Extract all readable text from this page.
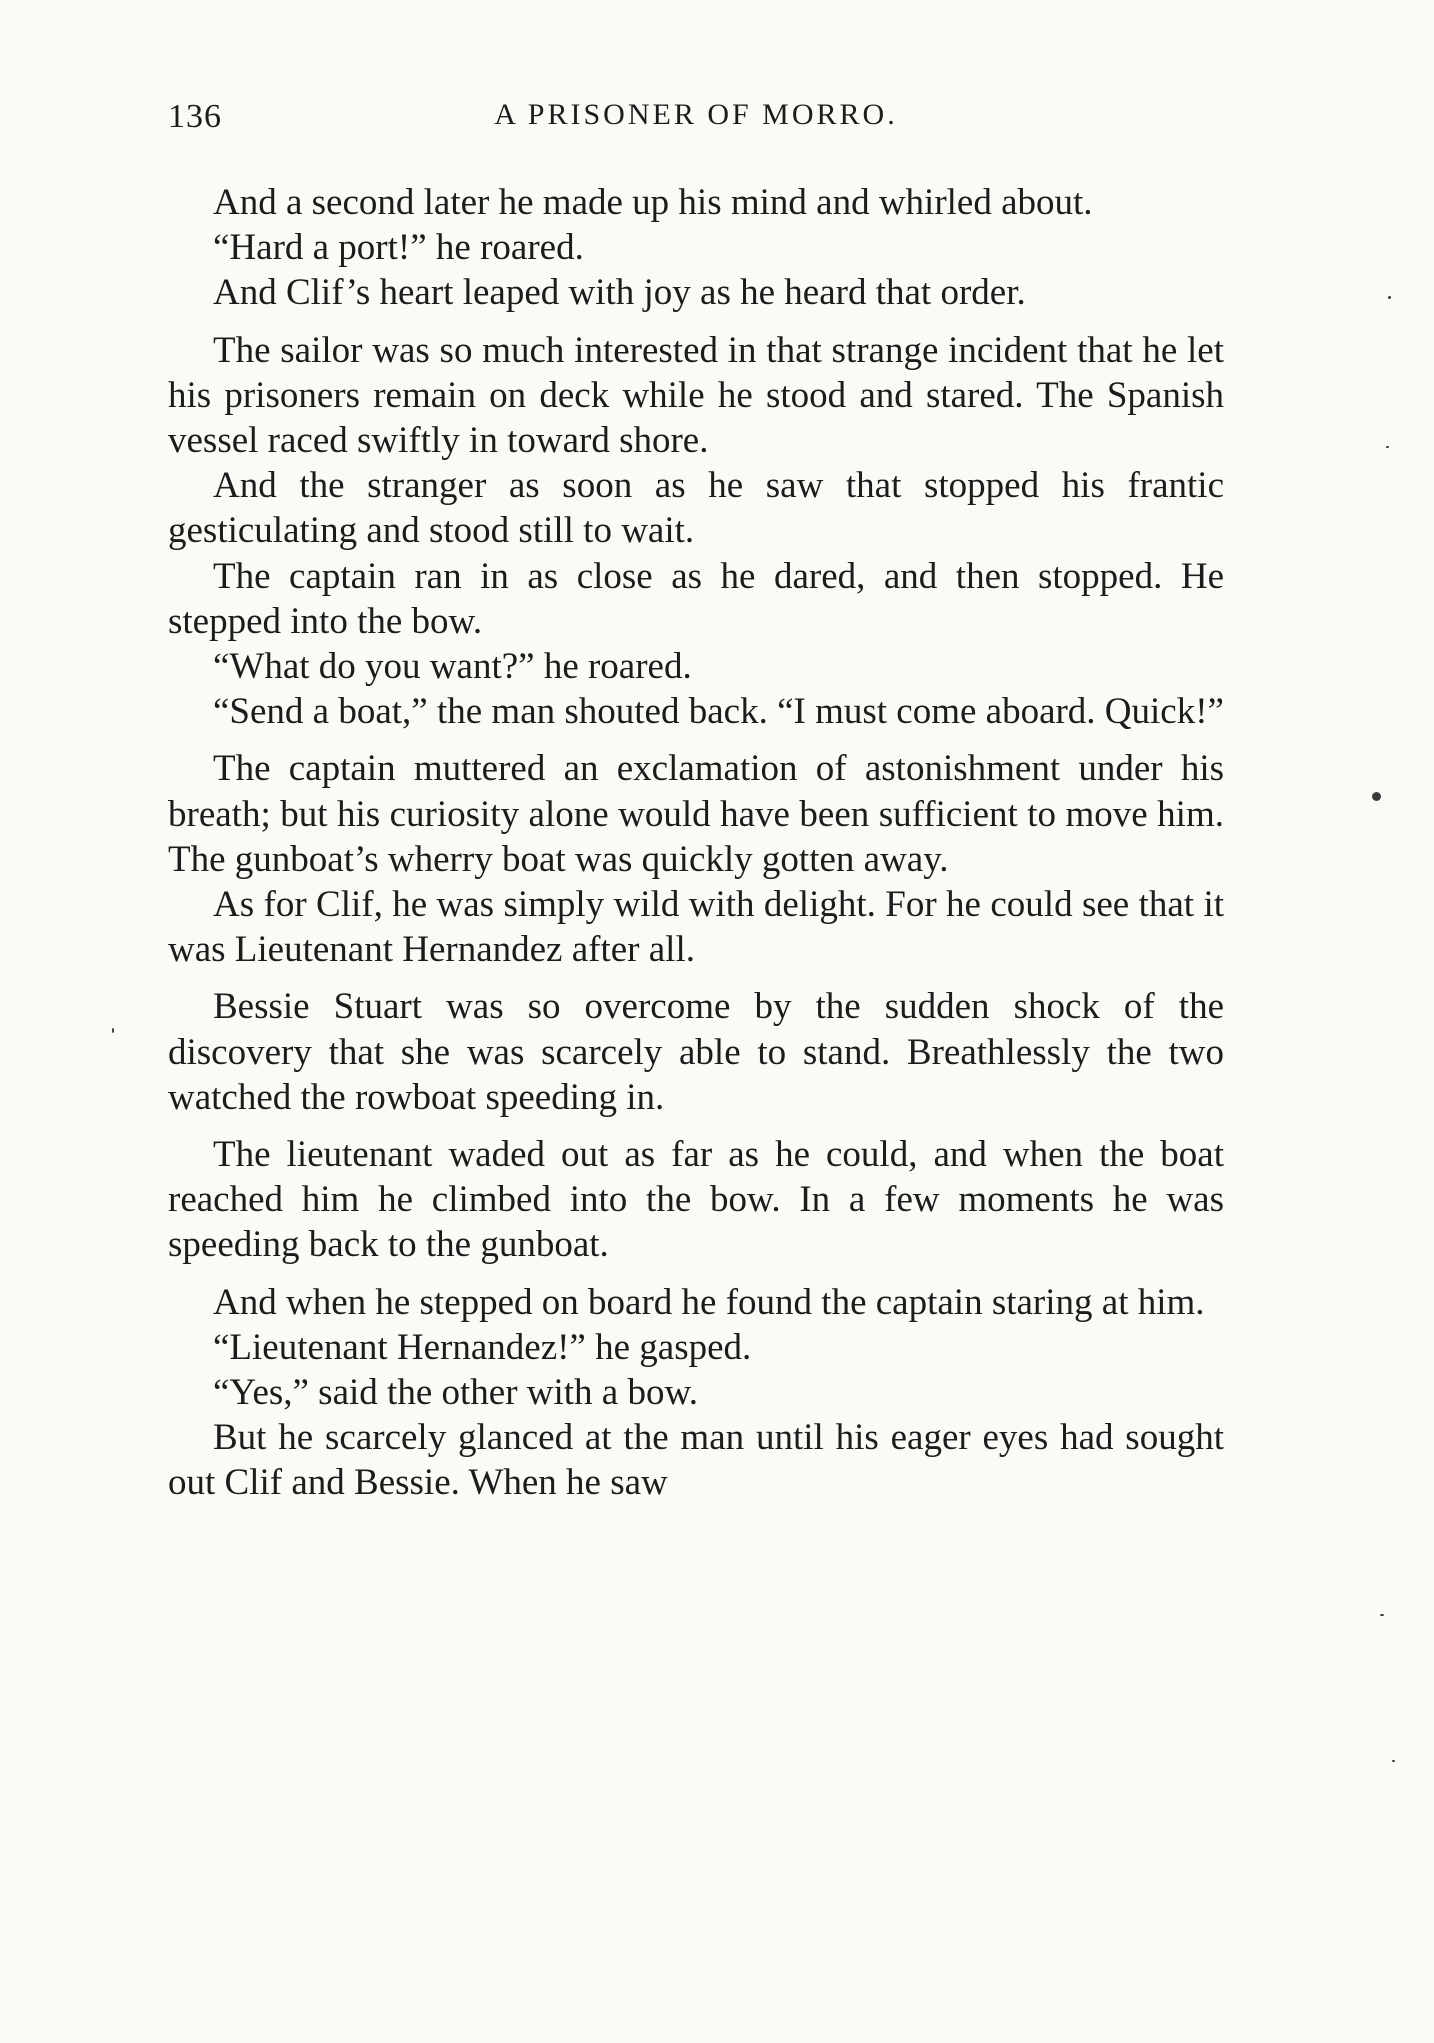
136	A PRISONER OF MORRO.

And a second later he made up his mind and whirled about.

“Hard a port!” he roared.

And Clif’s heart leaped with joy as he heard that order.

The sailor was so much interested in that strange incident that he let his prisoners remain on deck while he stood and stared. The Spanish vessel raced swiftly in toward shore.

And the stranger as soon as he saw that stopped his frantic gesticulating and stood still to wait.

The captain ran in as close as he dared, and then stopped. He stepped into the bow.

“What do you want?” he roared.

“Send a boat,” the man shouted back. “I must come aboard. Quick!”

The captain muttered an exclamation of astonishment under his breath; but his curiosity alone would have been sufficient to move him. The gunboat’s wherry boat was quickly gotten away.

As for Clif, he was simply wild with delight. For he could see that it was Lieutenant Hernandez after all.

Bessie Stuart was so overcome by the sudden shock of the discovery that she was scarcely able to stand. Breathlessly the two watched the rowboat speeding in.

The lieutenant waded out as far as he could, and when the boat reached him he climbed into the bow. In a few moments he was speeding back to the gunboat.

And when he stepped on board he found the captain staring at him.

“Lieutenant Hernandez!” he gasped.

“Yes,” said the other with a bow.

But he scarcely glanced at the man until his eager eyes had sought out Clif and Bessie. When he saw
